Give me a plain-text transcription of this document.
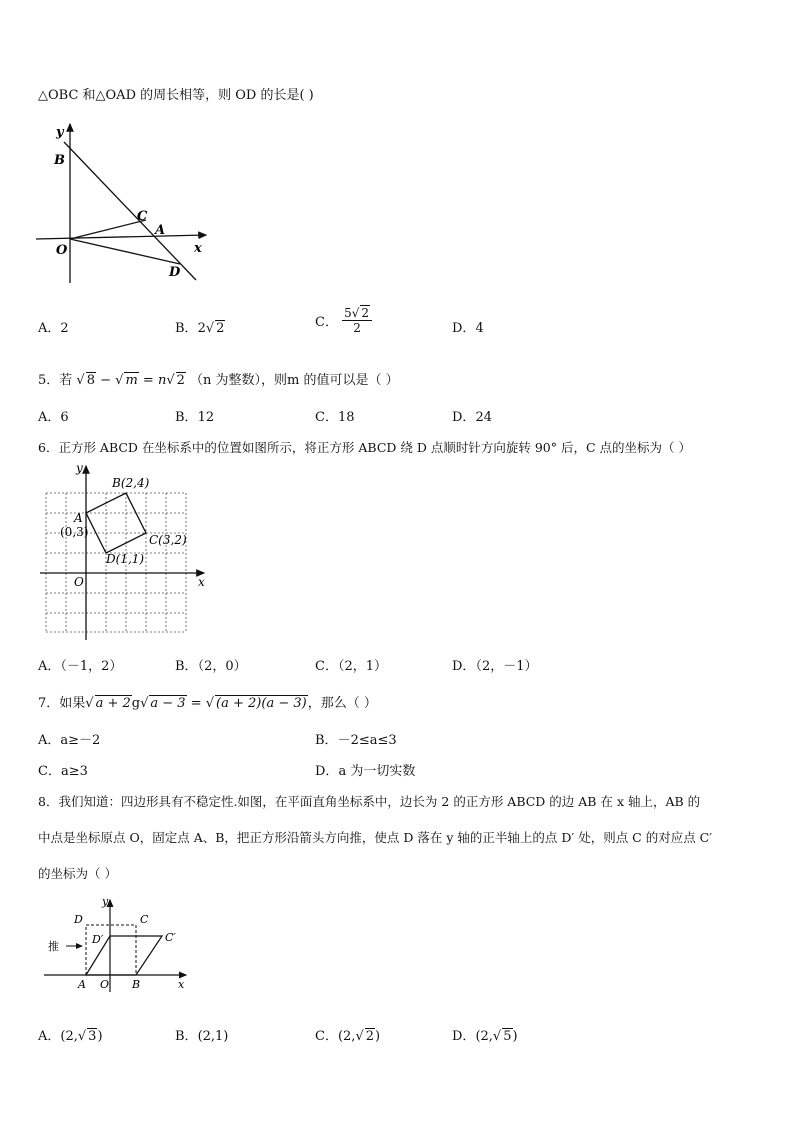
△OBC 和△OAD 的周长相等，则 OD 的长是( )
y
B
C
A
O	x
D
A．2	B．2√ 2	C． $\frac{5√ 2}{2}$	D．4
5．若 √ 8 − √ m = n√ 2 （n 为整数），则m 的值可以是（ ）
A．6	B．12	C．18	D．24
6．正方形 ABCD 在坐标系中的位置如图所示，将正方形 ABCD 绕 D 点顺时针方向旋转 90° 后，C 点的坐标为（ ）
y
B(2,4)
A
(0,3)
C(3,2)
D(1,1)
O	x
A．（－1，2）	B．（2，0）	C．（2，1）	D．（2，－1）
7．如果√ a + 2g√ a − 3 = √ (a + 2)(a − 3)，那么（ ）
A．a≥－2	B．－2≤a≤3
C．a≥3	D．a 为一切实数
8．我们知道：四边形具有不稳定性.如图，在平面直角坐标系中，边长为 2 的正方形 ABCD 的边 AB 在 x 轴上，AB 的
中点是坐标原点 O，固定点 A、B，把正方形沿箭头方向推，使点 D 落在 y 轴的正半轴上的点 D′ 处，则点 C 的对应点 C′
的坐标为（ ）
y
D	C
D′	C′
推
A O B	x
A．(2,√ 3)	B．(2,1)	C．(2,√ 2)	D．(2,√ 5)
